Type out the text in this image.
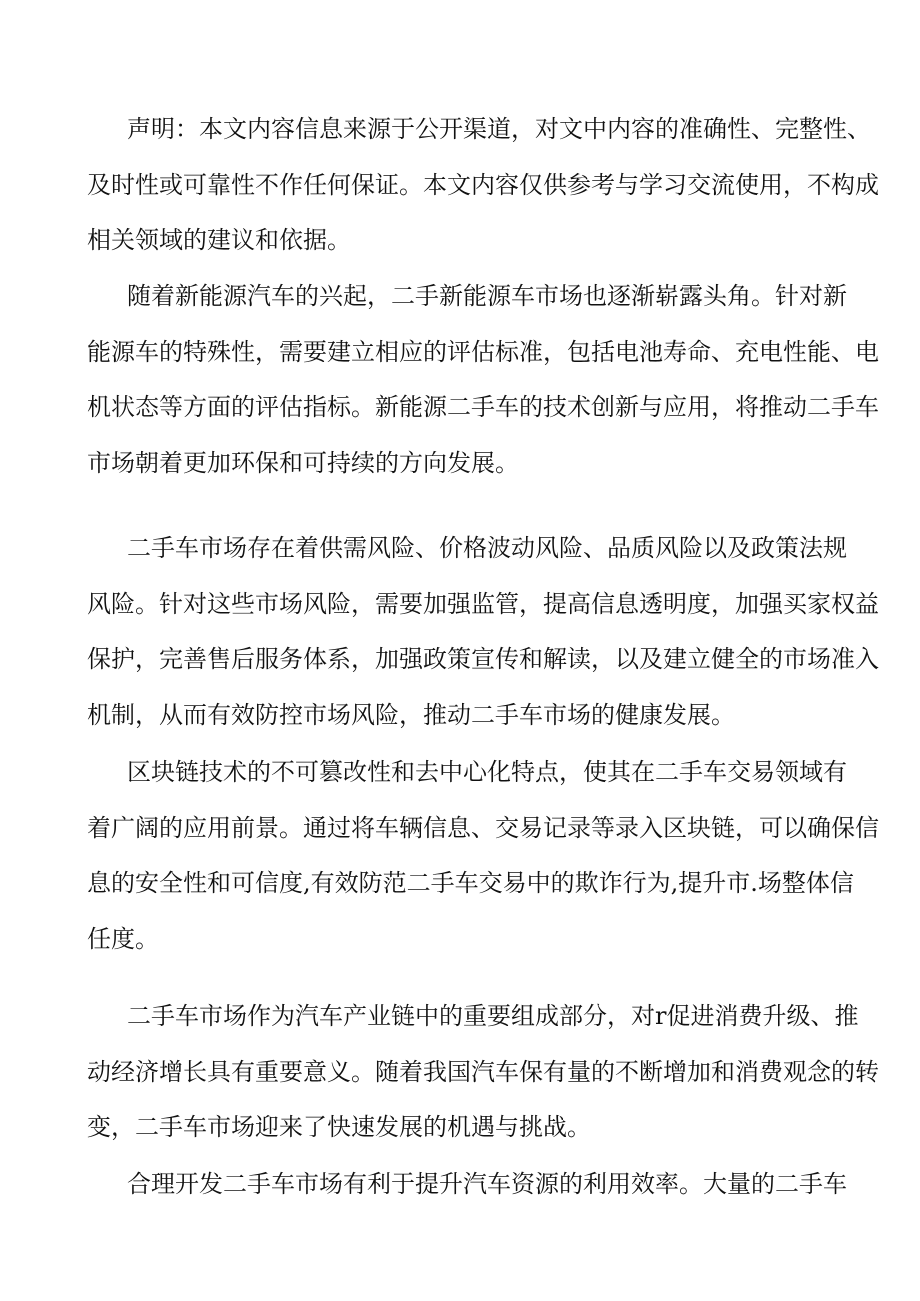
声明：本文内容信息来源于公开渠道，对文中内容的准确性、完整性、
及时性或可靠性不作任何保证。本文内容仅供参考与学习交流使用，不构成
相关领域的建议和依据。
随着新能源汽车的兴起，二手新能源车市场也逐渐崭露头角。针对新
能源车的特殊性，需要建立相应的评估标准，包括电池寿命、充电性能、电
机状态等方面的评估指标。新能源二手车的技术创新与应用，将推动二手车
市场朝着更加环保和可持续的方向发展。
二手车市场存在着供需风险、价格波动风险、品质风险以及政策法规
风险。针对这些市场风险，需要加强监管，提高信息透明度，加强买家权益
保护，完善售后服务体系，加强政策宣传和解读，以及建立健全的市场准入
机制，从而有效防控市场风险，推动二手车市场的健康发展。
区块链技术的不可篡改性和去中心化特点，使其在二手车交易领域有
着广阔的应用前景。通过将车辆信息、交易记录等录入区块链，可以确保信
息的安全性和可信度,有效防范二手车交易中的欺诈行为,提升市.场整体信
任度。
二手车市场作为汽车产业链中的重要组成部分，对r促进消费升级、推
动经济增长具有重要意义。随着我国汽车保有量的不断增加和消费观念的转
变，二手车市场迎来了快速发展的机遇与挑战。
合理开发二手车市场有利于提升汽车资源的利用效率。大量的二手车
